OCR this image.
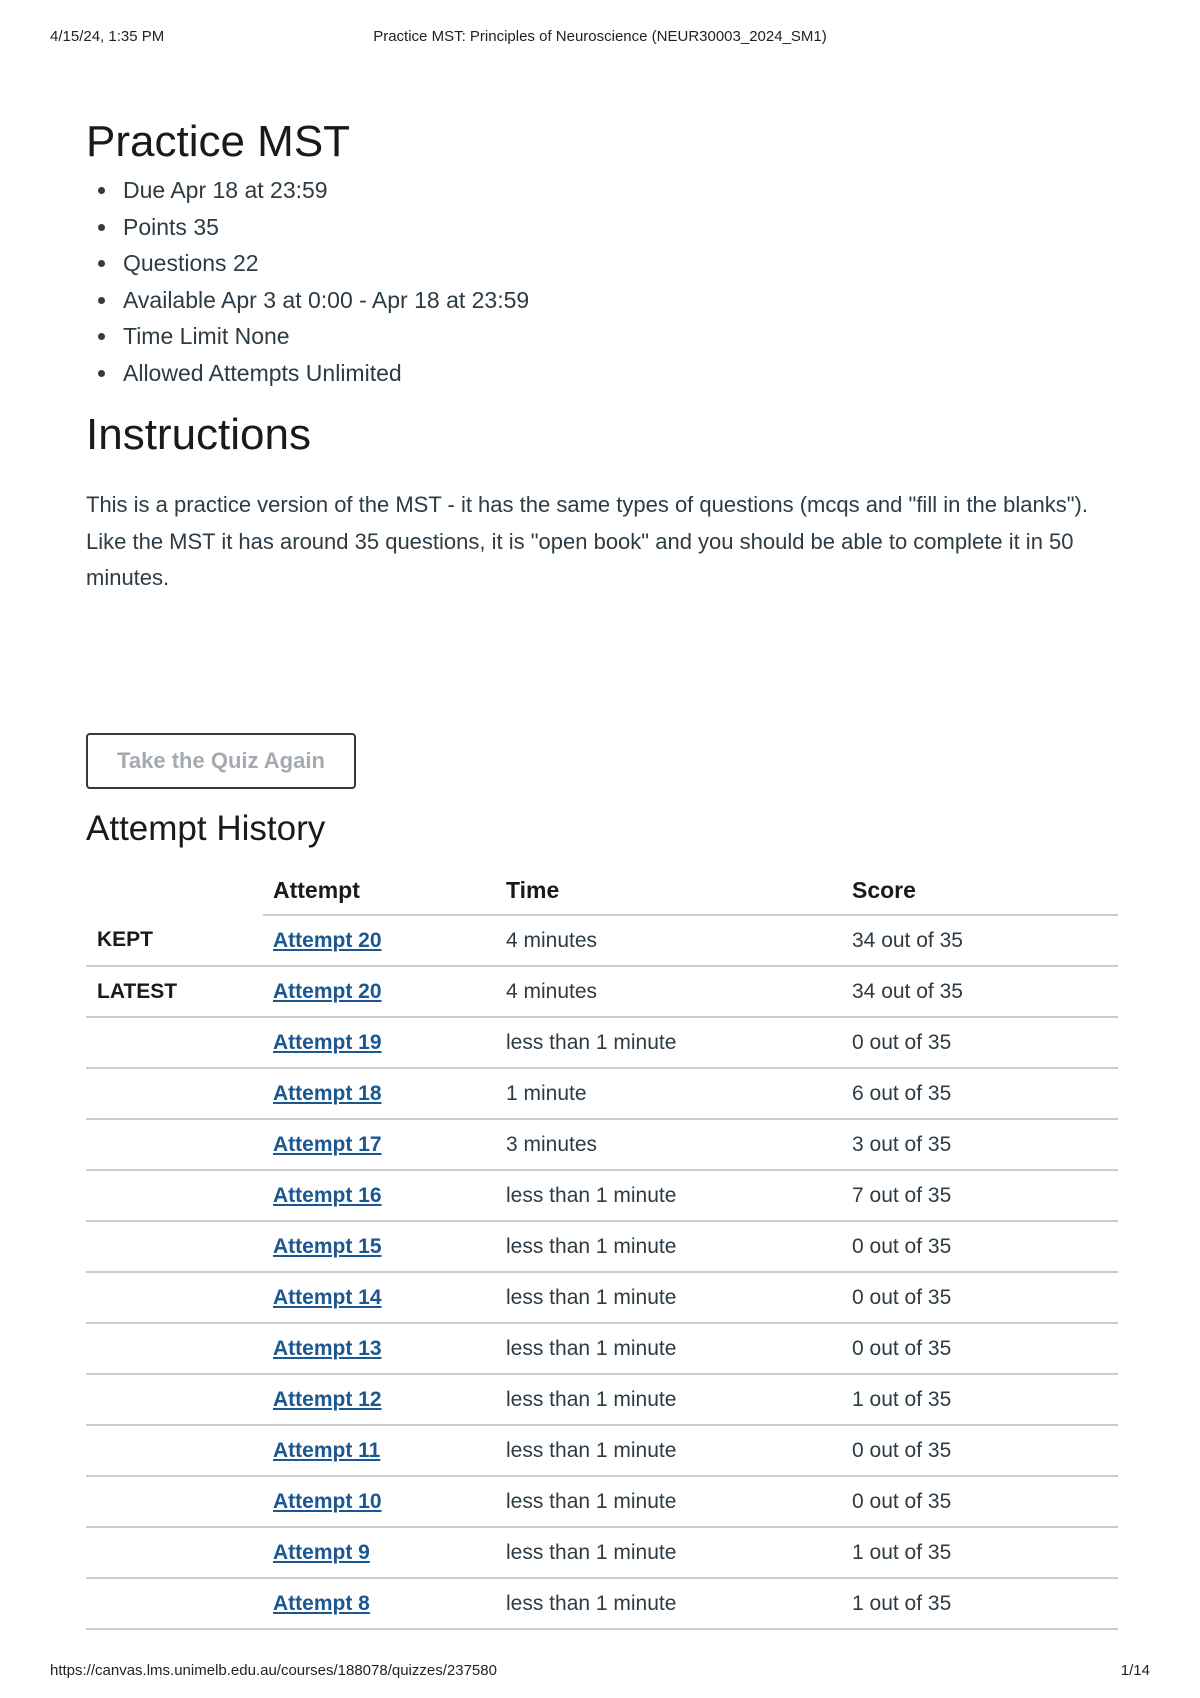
4/15/24, 1:35 PM	Practice MST: Principles of Neuroscience (NEUR30003_2024_SM1)
Practice MST
Due Apr 18 at 23:59
Points 35
Questions 22
Available Apr 3 at 0:00 - Apr 18 at 23:59
Time Limit None
Allowed Attempts Unlimited
Instructions

This is a practice version of the MST - it has the same types of questions (mcqs and "fill in the blanks"). Like the MST it has around 35 questions, it is "open book" and you should be able to complete it in 50 minutes.

Take the Quiz Again
Attempt History
	Attempt	Time	Score
KEPT	Attempt 20	4 minutes	34 out of 35
LATEST	Attempt 20	4 minutes	34 out of 35
	Attempt 19	less than 1 minute	0 out of 35
	Attempt 18	1 minute	6 out of 35
	Attempt 17	3 minutes	3 out of 35
	Attempt 16	less than 1 minute	7 out of 35
	Attempt 15	less than 1 minute	0 out of 35
	Attempt 14	less than 1 minute	0 out of 35
	Attempt 13	less than 1 minute	0 out of 35
	Attempt 12	less than 1 minute	1 out of 35
	Attempt 11	less than 1 minute	0 out of 35
	Attempt 10	less than 1 minute	0 out of 35
	Attempt 9	less than 1 minute	1 out of 35
	Attempt 8	less than 1 minute	1 out of 35
https://canvas.lms.unimelb.edu.au/courses/188078/quizzes/237580	1/14
